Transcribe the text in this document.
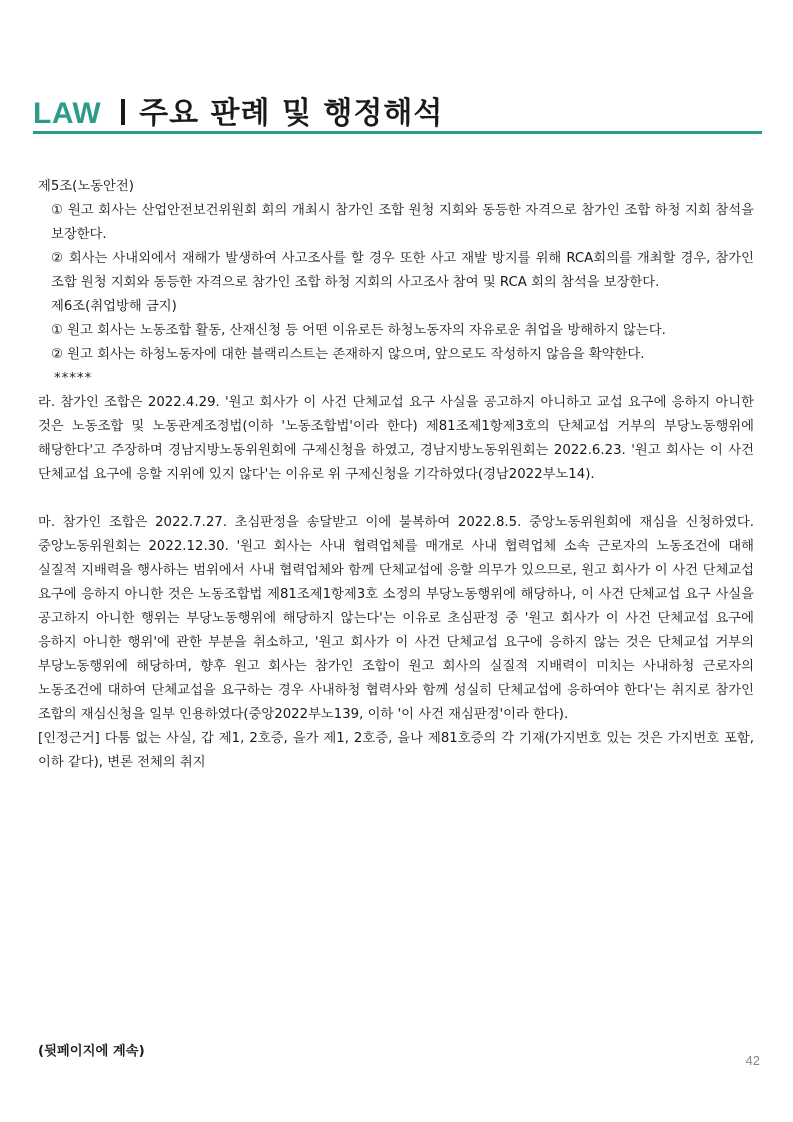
LAW 주요 판례 및 행정해석

제5조(노동안전)

① 원고 회사는 산업안전보건위원회 회의 개최시 참가인 조합 원청 지회와 동등한 자격으로 참가인 조합 하청 지회 참석을 보장한다.

② 회사는 사내외에서 재해가 발생하여 사고조사를 할 경우 또한 사고 재발 방지를 위해 RCA회의를 개최할 경우, 참가인 조합 원청 지회와 동등한 자격으로 참가인 조합 하청 지회의 사고조사 참여 및 RCA 회의 참석을 보장한다.

제6조(취업방해 금지)

① 원고 회사는 노동조합 활동, 산재신청 등 어떤 이유로든 하청노동자의 자유로운 취업을 방해하지 않는다.

② 원고 회사는 하청노동자에 대한 블랙리스트는 존재하지 않으며, 앞으로도 작성하지 않음을 확약한다.

*****

라. 참가인 조합은 2022.4.29. '원고 회사가 이 사건 단체교섭 요구 사실을 공고하지 아니하고 교섭 요구에 응하지 아니한 것은 노동조합 및 노동관계조정법(이하 '노동조합법'이라 한다) 제81조제1항제3호의 단체교섭 거부의 부당노동행위에 해당한다'고 주장하며 경남지방노동위원회에 구제신청을 하였고, 경남지방노동위원회는 2022.6.23. '원고 회사는 이 사건 단체교섭 요구에 응할 지위에 있지 않다'는 이유로 위 구제신청을 기각하였다(경남2022부노14).

마. 참가인 조합은 2022.7.27. 초심판정을 송달받고 이에 불복하여 2022.8.5. 중앙노동위원회에 재심을 신청하였다. 중앙노동위원회는 2022.12.30. '원고 회사는 사내 협력업체를 매개로 사내 협력업체 소속 근로자의 노동조건에 대해 실질적 지배력을 행사하는 범위에서 사내 협력업체와 함께 단체교섭에 응할 의무가 있으므로, 원고 회사가 이 사건 단체교섭 요구에 응하지 아니한 것은 노동조합법 제81조제1항제3호 소정의 부당노동행위에 해당하나, 이 사건 단체교섭 요구 사실을 공고하지 아니한 행위는 부당노동행위에 해당하지 않는다'는 이유로 초심판정 중 '원고 회사가 이 사건 단체교섭 요구에 응하지 아니한 행위'에 관한 부분을 취소하고, '원고 회사가 이 사건 단체교섭 요구에 응하지 않는 것은 단체교섭 거부의 부당노동행위에 해당하며, 향후 원고 회사는 참가인 조합이 원고 회사의 실질적 지배력이 미치는 사내하청 근로자의 노동조건에 대하여 단체교섭을 요구하는 경우 사내하청 협력사와 함께 성실히 단체교섭에 응하여야 한다'는 취지로 참가인 조합의 재심신청을 일부 인용하였다(중앙2022부노139, 이하 '이 사건 재심판정'이라 한다).

[인정근거] 다툼 없는 사실, 갑 제1, 2호증, 을가 제1, 2호증, 을나 제81호증의 각 기재(가지번호 있는 것은 가지번호 포함, 이하 같다), 변론 전체의 취지

(뒷페이지에 계속)
42
